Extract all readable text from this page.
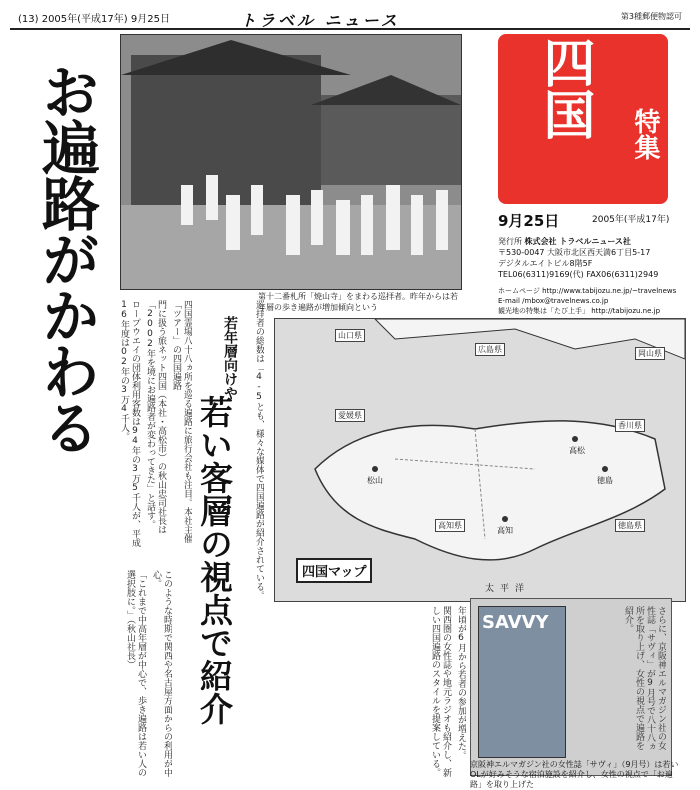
(13) 2005年(平成17年) 9月25日	トラベル ニュース	第3種郵便物認可
お遍路がかわる	第十二番札所「焼山寺」をまわる巡拝者。昨年からは若年層の歩き遍路が増加傾向という
若年層向けや
若い客層の視点で紹介

四国霊場八十八ヵ所を巡る遍路に旅行会社も注目。本社主催「ツアー」の四国遍路

門に扱う旅ネット四国（本社・高松市）の秋山忠司社長は「2002年を境にお遍路者が変わってきた」と話す。

ロープウエイの団体利用客数は94年の3万5千人が、平成16年度は02年の3万4千人。

このような時期で関西や名古屋方面からの利用が中心。

「これまで中高年層が中心で、歩き遍路は若い人の選択肢に。」（秋山社長）

巡拝者の総数は「4-5とも、様々な媒体で四国遍路が紹介されている。

年頃が6月から若者の参加が増えた。

関西圏の女性誌や地元ラジオも紹介し、新しい四国遍路のスタイルを提案している。

四国	特集
9月25日	2005年(平成17年)
発行所 株式会社 トラベルニュース社
〒530-0047 大阪市北区西天満6丁目5-17
デジタルエイトビル8階5F
TEL06(6311)9169(代) FAX06(6311)2949
ホームページ http://www.tabijozu.ne.jp/~travelnews
E-mail /mbox@travelnews.co.jp
観光地の特集は「たび上手」 http://tabijozu.ne.jp
愛媛県
香川県
徳島県
高知県
広島県	岡山県
山口県
松山
高知
徳島
高松
太平洋
四国マップ
SAVVY	さらに、京阪神エルマガジン社の女性誌「サヴィ」が9月号で八十八ヵ所を取り上げ、女性の視点で遍路を紹介。

京阪神エルマガジン社の女性誌「サヴィ」（9月号）は若いOLが好みそうな宿泊施設を紹介し、女性の視点で「お遍路」を取り上げた
